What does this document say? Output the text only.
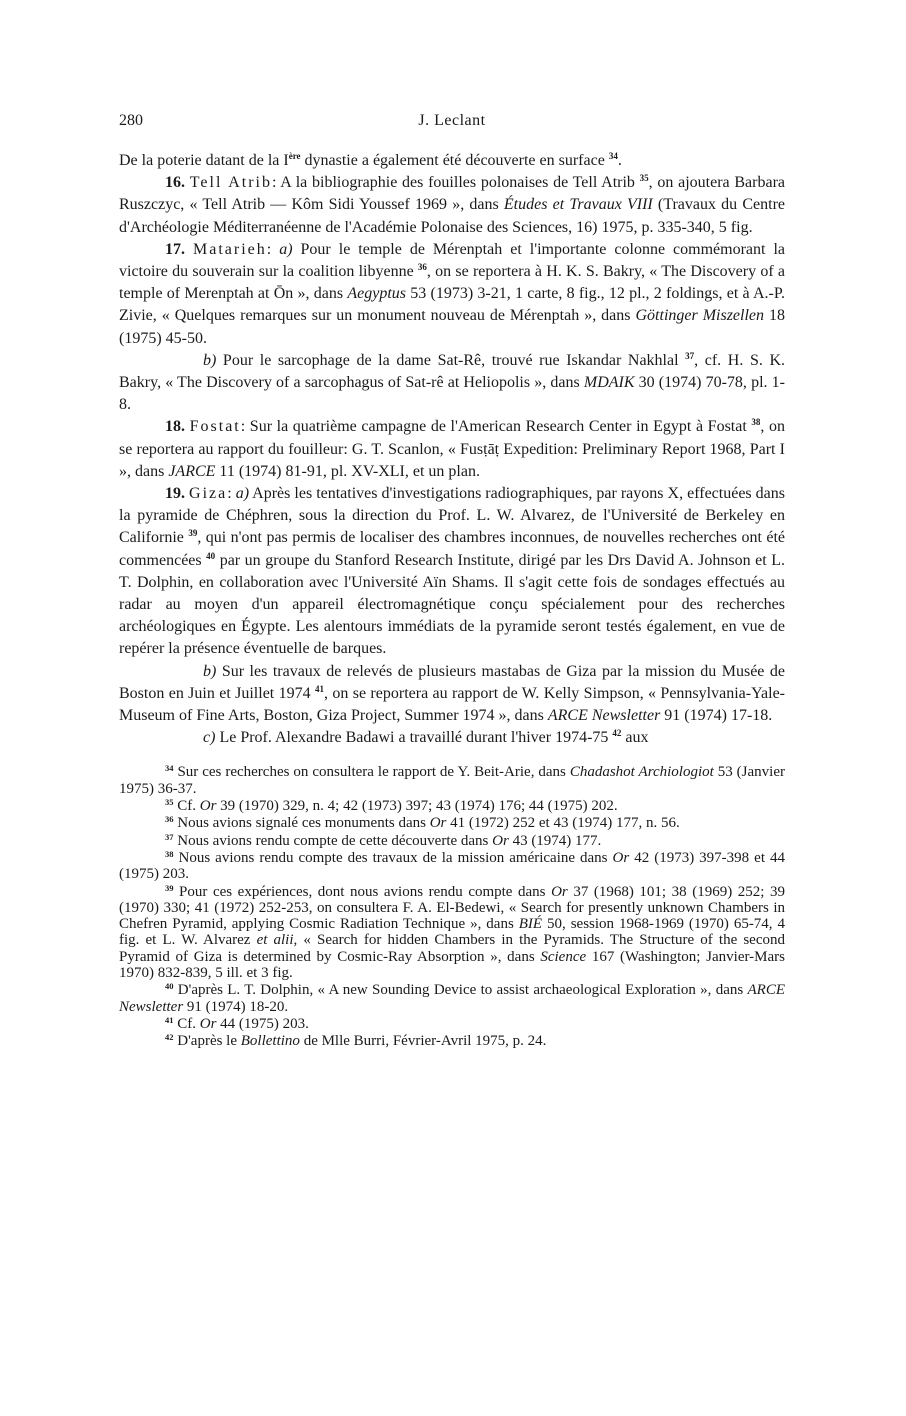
280	J. Leclant

De la poterie datant de la Ière dynastie a également été découverte en surface $^{34}$.

16. Tell Atrib: A la bibliographie des fouilles polonaises de Tell Atrib $^{35}$, on ajoutera Barbara Ruszczyc, « Tell Atrib — Kôm Sidi Youssef 1969 », dans Études et Travaux VIII (Travaux du Centre d'Archéologie Méditerranéenne de l'Académie Polonaise des Sciences, 16) 1975, p. 335-340, 5 fig.

17. Matarieh: a) Pour le temple de Mérenptah et l'importante colonne commémorant la victoire du souverain sur la coalition libyenne $^{36}$, on se reportera à H. K. S. Bakry, « The Discovery of a temple of Merenptah at Ōn », dans Aegyptus 53 (1973) 3-21, 1 carte, 8 fig., 12 pl., 2 foldings, et à A.-P. Zivie, « Quelques remarques sur un monument nouveau de Mérenptah », dans Göttinger Miszellen 18 (1975) 45-50.

b) Pour le sarcophage de la dame Sat-Rê, trouvé rue Iskandar Nakhlal $^{37}$, cf. H. S. K. Bakry, « The Discovery of a sarcophagus of Sat-rê at Heliopolis », dans MDAIK 30 (1974) 70-78, pl. 1-8.

18. Fostat: Sur la quatrième campagne de l'American Research Center in Egypt à Fostat $^{38}$, on se reportera au rapport du fouilleur: G. T. Scanlon, « Fusṭāṭ Expedition: Preliminary Report 1968, Part I », dans JARCE 11 (1974) 81-91, pl. XV-XLI, et un plan.

19. Giza: a) Après les tentatives d'investigations radiographiques, par rayons X, effectuées dans la pyramide de Chéphren, sous la direction du Prof. L. W. Alvarez, de l'Université de Berkeley en Californie $^{39}$, qui n'ont pas permis de localiser des chambres inconnues, de nouvelles recherches ont été commencées $^{40}$ par un groupe du Stanford Research Institute, dirigé par les Drs David A. Johnson et L. T. Dolphin, en collaboration avec l'Université Aïn Shams. Il s'agit cette fois de sondages effectués au radar au moyen d'un appareil électromagnétique conçu spécialement pour des recherches archéologiques en Égypte. Les alentours immédiats de la pyramide seront testés également, en vue de repérer la présence éventuelle de barques.

b) Sur les travaux de relevés de plusieurs mastabas de Giza par la mission du Musée de Boston en Juin et Juillet 1974 $^{41}$, on se reportera au rapport de W. Kelly Simpson, « Pennsylvania-Yale-Museum of Fine Arts, Boston, Giza Project, Summer 1974 », dans ARCE Newsletter 91 (1974) 17-18.

c) Le Prof. Alexandre Badawi a travaillé durant l'hiver 1974-75 $^{42}$ aux

$^{34}$ Sur ces recherches on consultera le rapport de Y. Beit-Arie, dans Chadashot Archiologiot 53 (Janvier 1975) 36-37.

$^{35}$ Cf. Or 39 (1970) 329, n. 4; 42 (1973) 397; 43 (1974) 176; 44 (1975) 202.

$^{36}$ Nous avions signalé ces monuments dans Or 41 (1972) 252 et 43 (1974) 177, n. 56.

$^{37}$ Nous avions rendu compte de cette découverte dans Or 43 (1974) 177.

$^{38}$ Nous avions rendu compte des travaux de la mission américaine dans Or 42 (1973) 397-398 et 44 (1975) 203.

$^{39}$ Pour ces expériences, dont nous avions rendu compte dans Or 37 (1968) 101; 38 (1969) 252; 39 (1970) 330; 41 (1972) 252-253, on consultera F. A. El-Bedewi, « Search for presently unknown Chambers in Chefren Pyramid, applying Cosmic Radiation Technique », dans BIÉ 50, session 1968-1969 (1970) 65-74, 4 fig. et L. W. Alvarez et alii, « Search for hidden Chambers in the Pyramids. The Structure of the second Pyramid of Giza is determined by Cosmic-Ray Absorption », dans Science 167 (Washington; Janvier-Mars 1970) 832-839, 5 ill. et 3 fig.

$^{40}$ D'après L. T. Dolphin, « A new Sounding Device to assist archaeological Exploration », dans ARCE Newsletter 91 (1974) 18-20.

$^{41}$ Cf. Or 44 (1975) 203.

$^{42}$ D'après le Bollettino de Mlle Burri, Février-Avril 1975, p. 24.
